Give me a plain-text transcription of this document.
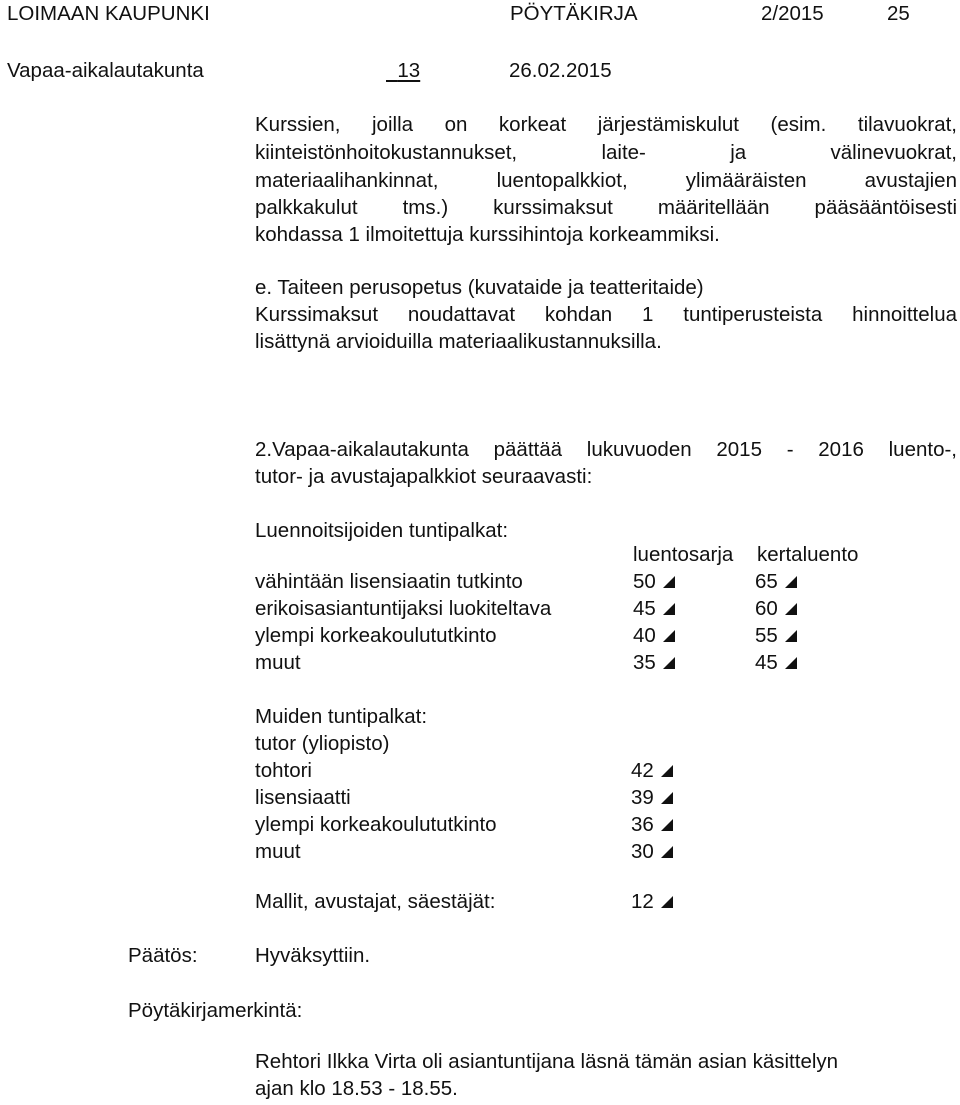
LOIMAAN KAUPUNKI	PÖYTÄKIRJA	2/2015	25
Vapaa-aikalautakunta	13	26.02.2015
Kurssien, joilla on korkeat järjestämiskulut (esim. tilavuokrat,
kiinteistönhoitokustannukset, laite- ja välinevuokrat,
materiaalihankinnat, luentopalkkiot, ylimääräisten avustajien
palkkakulut tms.) kurssimaksut määritellään pääsääntöisesti
kohdassa 1 ilmoitettuja kurssihintoja korkeammiksi.
e. Taiteen perusopetus (kuvataide ja teatteritaide)
Kurssimaksut noudattavat kohdan 1 tuntiperusteista hinnoittelua
lisättynä arvioiduilla materiaalikustannuksilla.
2.Vapaa-aikalautakunta päättää lukuvuoden 2015 - 2016 luento-,
tutor- ja avustajapalkkiot seuraavasti:
Luennoitsijoiden tuntipalkat:
luentosarja kertaluento
vähintään lisensiaatin tutkinto	50	65
erikoisasiantuntijaksi luokiteltava	45	60
ylempi korkeakoulututkinto	40	55
muut	35	45
Muiden tuntipalkat:
tutor (yliopisto)
tohtori	42
lisensiaatti	39
ylempi korkeakoulututkinto	36
muut	30
Mallit, avustajat, säestäjät:	12
Päätös:	Hyväksyttiin.
Pöytäkirjamerkintä:
Rehtori Ilkka Virta oli asiantuntijana läsnä tämän asian käsittelyn
ajan klo 18.53 - 18.55.
